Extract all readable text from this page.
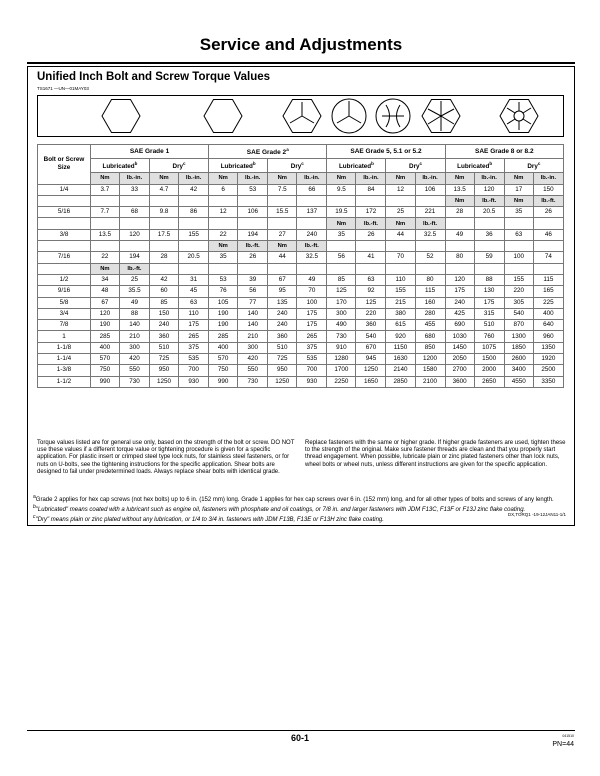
Service and Adjustments
Unified Inch Bolt and Screw Torque Values
TS1671 —UN—01MAY03
Bolt or Screw Size	SAE Grade 1				SAE Grade 2$^a$				SAE Grade 5, 5.1 or 5.2				SAE Grade 8 or 8.2			
	Lubricated$^b$		Dry$^c$		Lubricated$^b$		Dry$^c$		Lubricated$^b$		Dry$^c$		Lubricated$^b$		Dry$^c$
	Nm	lb.-in.	Nm	lb.-in.	Nm	lb.-in.	Nm	lb.-in.	Nm	lb.-in.	Nm	lb.-in.	Nm	lb.-in.	Nm	lb.-in.
1/4	3.7	33	4.7	42	6	53	7.5	66	9.5	84	12	106	13.5	120	17	150
													Nm	lb.-ft.	Nm	lb.-ft.
5/16	7.7	68	9.8	86	12	106	15.5	137	19.5	172	25	221	28	20.5	35	26
									Nm	lb.-ft.	Nm	lb.-ft.				
3/8	13.5	120	17.5	155	22	194	27	240	35	26	44	32.5	49	36	63	46
					Nm	lb.-ft.	Nm	lb.-ft.								
7/16	22	194	28	20.5	35	26	44	32.5	56	41	70	52	80	59	100	74
	Nm	lb.-ft.														
1/2	34	25	42	31	53	39	67	49	85	63	110	80	120	88	155	115
9/16	48	35.5	60	45	76	56	95	70	125	92	155	115	175	130	220	165
5/8	67	49	85	63	105	77	135	100	170	125	215	160	240	175	305	225
3/4	120	88	150	110	190	140	240	175	300	220	380	280	425	315	540	400
7/8	190	140	240	175	190	140	240	175	490	360	615	455	690	510	870	640
1	285	210	360	265	285	210	360	265	730	540	920	680	1030	760	1300	960
1-1/8	400	300	510	375	400	300	510	375	910	670	1150	850	1450	1075	1850	1350
1-1/4	570	420	725	535	570	420	725	535	1280	945	1630	1200	2050	1500	2600	1920
1-3/8	750	550	950	700	750	550	950	700	1700	1250	2140	1580	2700	2000	3400	2500
1-1/2	990	730	1250	930	990	730	1250	930	2250	1650	2850	2100	3600	2650	4550	3350
Torque values listed are for general use only, based on the strength of the bolt or screw. DO NOT use these values if a different torque value or tightening procedure is given for a specific application. For plastic insert or crimped steel type lock nuts, for stainless steel fasteners, or for nuts on U-bolts, see the tightening instructions for the specific application. Shear bolts are designed to fail under predetermined loads. Always replace shear bolts with identical grade.
Replace fasteners with the same or higher grade. If higher grade fasteners are used, tighten these to the strength of the original. Make sure fastener threads are clean and that you properly start thread engagement. When possible, lubricate plain or zinc plated fasteners other than lock nuts, wheel bolts or wheel nuts, unless different instructions are given for the specific application.

$^a$Grade 2 applies for hex cap screws (not hex bolts) up to 6 in. (152 mm) long. Grade 1 applies for hex cap screws over 6 in. (152 mm) long, and for all other types of bolts and screws of any length.

$^b$"Lubricated" means coated with a lubricant such as engine oil, fasteners with phosphate and oil coatings, or 7/8 in. and larger fasteners with JDM F13C, F13F or F13J zinc flake coating.

$^c$"Dry" means plain or zinc plated without any lubrication, or 1/4 to 3/4 in. fasteners with JDM F13B, F13E or F13H zinc flake coating.

DX,TORQ1 -19-12JAN11-1/1
60-1	041510
PN=44
